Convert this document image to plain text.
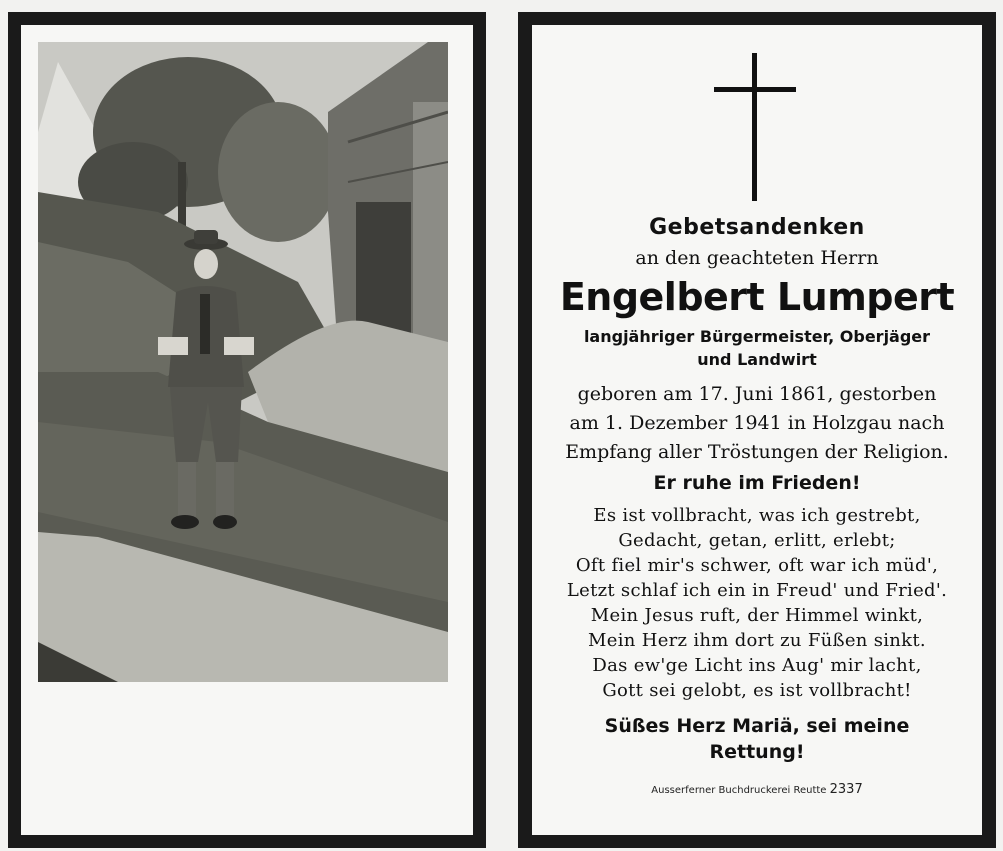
Gebetsandenken

an den geachteten Herrn

Engelbert Lumpert

langjähriger Bürgermeister, Oberjäger

und Landwirt

geboren am 17. Juni 1861, gestorben

am 1. Dezember 1941 in Holzgau nach

Empfang aller Tröstungen der Religion.

Er ruhe im Frieden!

Es ist vollbracht, was ich gestrebt,

Gedacht, getan, erlitt, erlebt;

Oft fiel mir's schwer, oft war ich müd',

Letzt schlaf ich ein in Freud' und Fried'.

Mein Jesus ruft, der Himmel winkt,

Mein Herz ihm dort zu Füßen sinkt.

Das ew'ge Licht ins Aug' mir lacht,

Gott sei gelobt, es ist vollbracht!

Süßes Herz Mariä, sei meine

Rettung!

Ausserferner Buchdruckerei Reutte 2337
